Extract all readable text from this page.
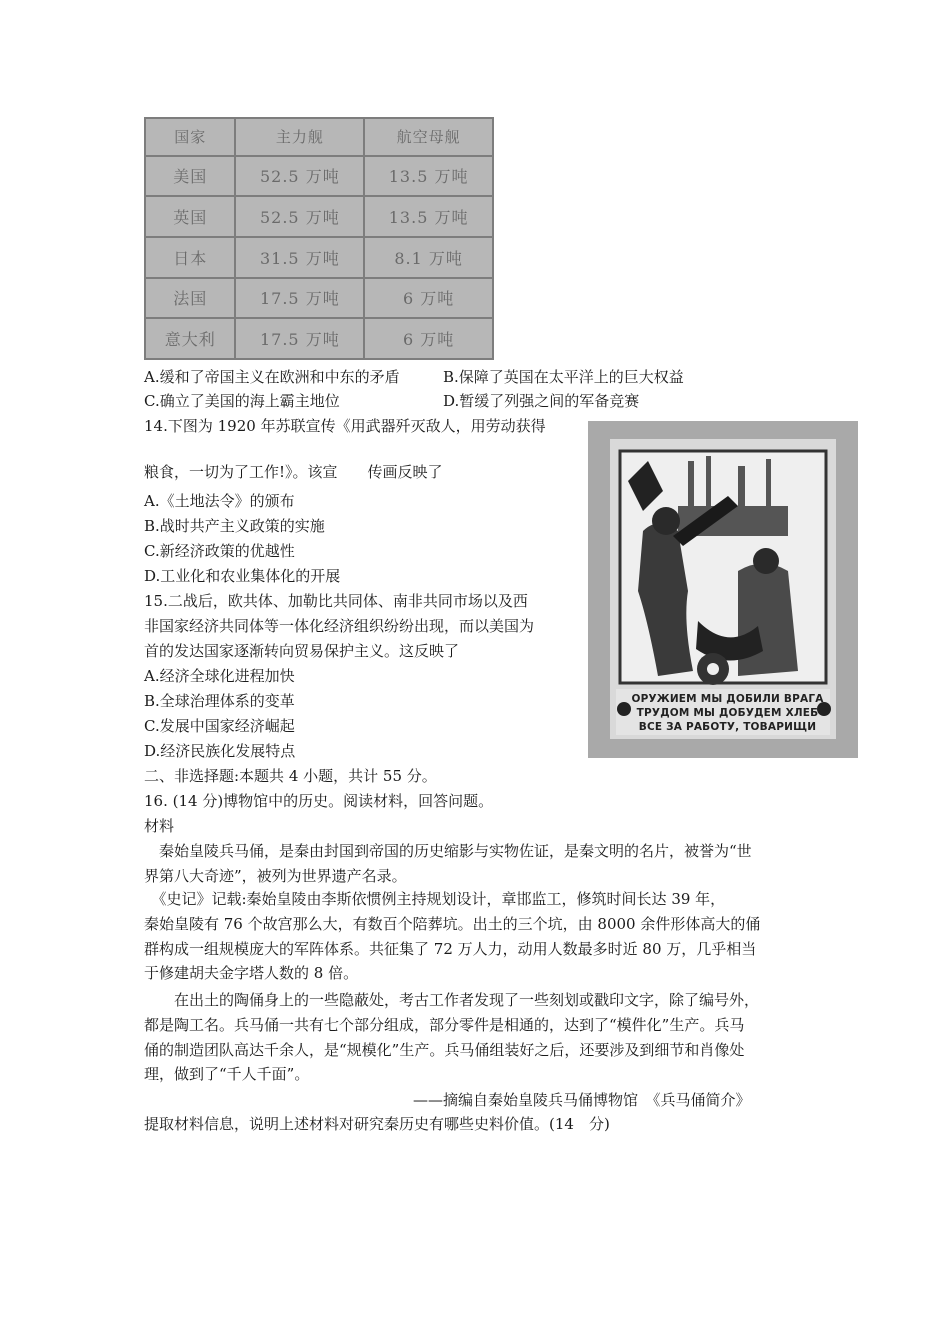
国家	主力舰	航空母舰
美国	52.5 万吨	13.5 万吨
英国	52.5 万吨	13.5 万吨
日本	31.5 万吨	8.1 万吨
法国	17.5 万吨	6 万吨
意大利	17.5 万吨	6 万吨
A.缓和了帝国主义在欧洲和中东的矛盾	B.保障了英国在太平洋上的巨大权益
C.确立了美国的海上霸主地位	D.暂缓了列强之间的军备竞赛
14.下图为 1920 年苏联宣传《用武器歼灭敌人，用劳动获得
粮食，一切为了工作!》。该宣　　传画反映了
A.《土地法令》的颁布
B.战时共产主义政策的实施
C.新经济政策的优越性
D.工业化和农业集体化的开展
ОРУЖИЕМ МЫ ДОБИЛИ ВРАГА
ТРУДОМ МЫ ДОБУДЕМ ХЛЕБ
ВСЕ ЗА РАБОТУ, ТОВАРИЩИ
15.二战后，欧共体、加勒比共同体、南非共同市场以及西
非国家经济共同体等一体化经济组织纷纷出现，而以美国为
首的发达国家逐渐转向贸易保护主义。这反映了
A.经济全球化进程加快
B.全球治理体系的变革
C.发展中国家经济崛起
D.经济民族化发展特点
二、非选择题:本题共 4 小题，共计 55 分。
16. (14 分)博物馆中的历史。阅读材料，回答问题。
材料
　秦始皇陵兵马俑，是秦由封国到帝国的历史缩影与实物佐证，是秦文明的名片，被誉为“世
界第八大奇迹”，被列为世界遗产名录。
　《史记》记载:秦始皇陵由李斯依惯例主持规划设计，章邯监工，修筑时间长达 39 年，
秦始皇陵有 76 个故宫那么大，有数百个陪葬坑。出土的三个坑，由 8000 余件形体高大的俑
群构成一组规模庞大的军阵体系。共征集了 72 万人力，动用人数最多时近 80 万，几乎相当
于修建胡夫金字塔人数的 8 倍。
　　在出土的陶俑身上的一些隐蔽处，考古工作者发现了一些刻划或戳印文字，除了编号外，
都是陶工名。兵马俑一共有七个部分组成，部分零件是相通的，达到了“模件化”生产。兵马
俑的制造团队高达千余人，是“规模化”生产。兵马俑组装好之后，还要涉及到细节和肖像处
理，做到了“千人千面”。
——摘编自秦始皇陵兵马俑博物馆　《兵马俑简介》
提取材料信息，说明上述材料对研究秦历史有哪些史料价值。(14　分)
